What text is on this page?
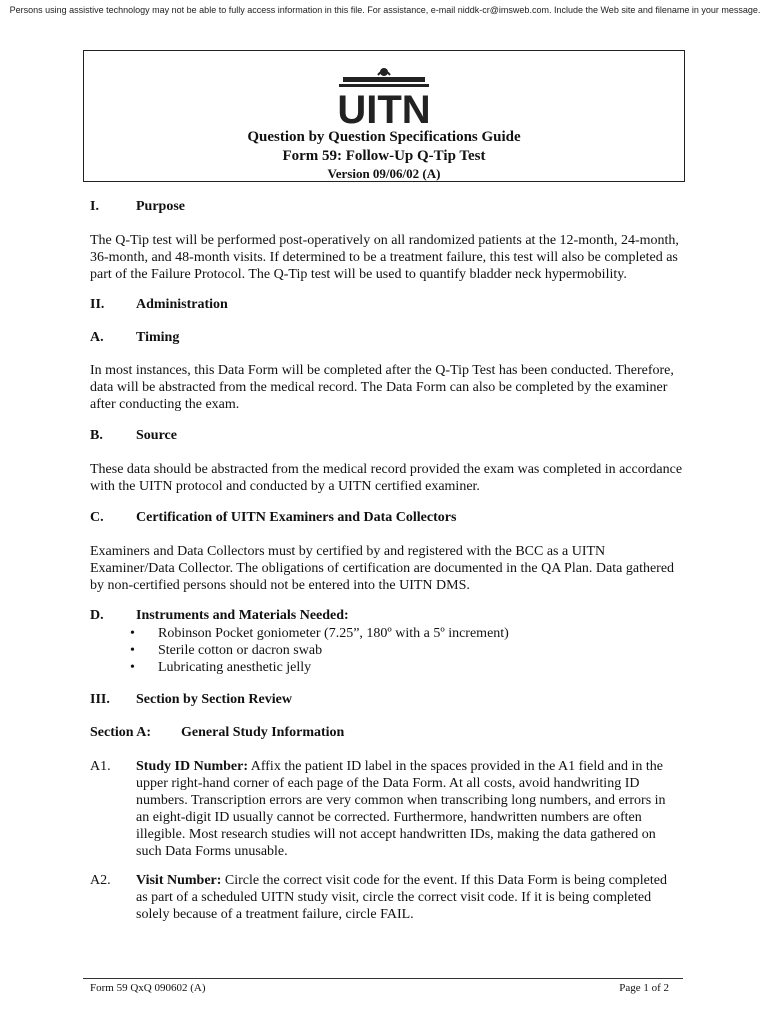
Persons using assistive technology may not be able to fully access information in this file. For assistance, e-mail niddk-cr@imsweb.com. Include the Web site and filename in your message.
UITN
Question by Question Specifications Guide
Form 59: Follow-Up Q-Tip Test
Version 09/06/02 (A)
I.	Purpose
The Q-Tip test will be performed post-operatively on all randomized patients at the 12-month, 24-month, 36-month, and 48-month visits. If determined to be a treatment failure, this test will also be completed as part of the Failure Protocol. The Q-Tip test will be used to quantify bladder neck hypermobility.
II. Administration
A. Timing
In most instances, this Data Form will be completed after the Q-Tip Test has been conducted. Therefore, data will be abstracted from the medical record. The Data Form can also be completed by the examiner after conducting the exam.
B. Source
These data should be abstracted from the medical record provided the exam was completed in accordance with the UITN protocol and conducted by a UITN certified examiner.
C. Certification of UITN Examiners and Data Collectors
Examiners and Data Collectors must by certified by and registered with the BCC as a UITN Examiner/Data Collector. The obligations of certification are documented in the QA Plan. Data gathered by non-certified persons should not be entered into the UITN DMS.
D. Instruments and Materials Needed:
• Robinson Pocket goniometer (7.25”, 180º with a 5º increment)
• Sterile cotton or dacron swab
• Lubricating anesthetic jelly
III. Section by Section Review
Section A: General Study Information
A1. Study ID Number: Affix the patient ID label in the spaces provided in the A1 field and in the upper right-hand corner of each page of the Data Form. At all costs, avoid handwriting ID numbers. Transcription errors are very common when transcribing long numbers, and errors in an eight-digit ID usually cannot be corrected. Furthermore, handwritten numbers are often illegible. Most research studies will not accept handwritten IDs, making the data gathered on such Data Forms unusable.
A2. Visit Number: Circle the correct visit code for the event. If this Data Form is being completed as part of a scheduled UITN study visit, circle the correct visit code. If it is being completed solely because of a treatment failure, circle FAIL.
Form 59 QxQ 090602 (A)	Page 1 of 2
